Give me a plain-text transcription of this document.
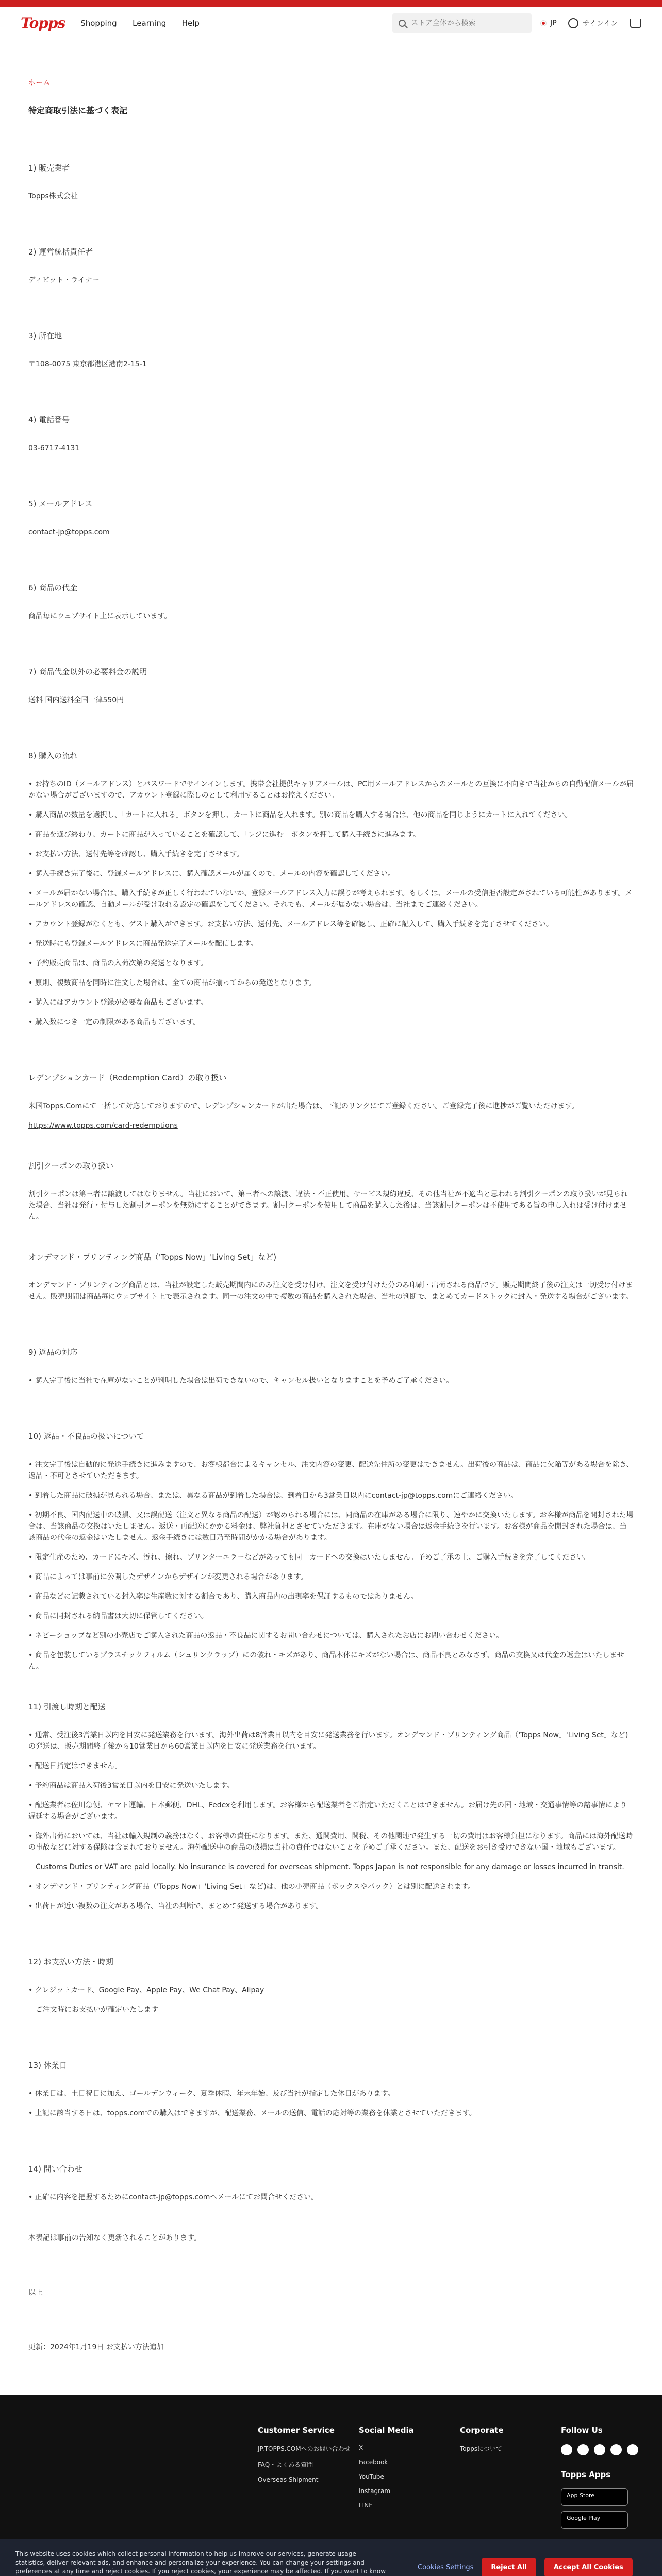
Topps Shopping Learning Help
ストア全体から検索	JP	サインイン
ホーム
特定商取引法に基づく表記
1) 販売業者

Topps株式会社

2) 運営統括責任者

ディビット・ライナー

3) 所在地

〒108-0075 東京都港区港南2-15-1

4) 電話番号

03-6717-4131

5) メールアドレス

contact-jp@topps.com

6) 商品の代金

商品毎にウェブサイト上に表示しています。

7) 商品代金以外の必要料金の説明

送料 国内送料全国一律550円

8) 購入の流れ

• お持ちのID（メールアドレス）とパスワードでサインインします。携帯会社提供キャリアメールは、PC用メールアドレスからのメールとの互換に不向きで当社からの自動配信メールが届かない場合がございますので、アカウント登録に際しのとして利用することはお控えください。

• 購入商品の数量を選択し、「カートに入れる」ボタンを押し、カートに商品を入れます。別の商品を購入する場合は、他の商品を同じようにカートに入れてください。

• 商品を選び終わり、カートに商品が入っていることを確認して、「レジに進む」ボタンを押して購入手続きに進みます。

• お支払い方法、送付先等を確認し、購入手続きを完了させます。

• 購入手続き完了後に、登録メールアドレスに、購入確認メールが届くので、メールの内容を確認してください。

• メールが届かない場合は、購入手続きが正しく行われていないか、登録メールアドレス入力に誤りが考えられます。もしくは、メールの受信拒否設定がされている可能性があります。メールアドレスの確認、自動メールが受け取れる設定の確認をしてください。それでも、メールが届かない場合は、当社までご連絡ください。

• アカウント登録がなくとも、ゲスト購入ができます。お支払い方法、送付先、メールアドレス等を確認し、正確に記入して、購入手続きを完了させてください。

• 発送時にも登録メールアドレスに商品発送完了メールを配信します。

• 予約販売商品は、商品の入荷次第の発送となります。

• 原則、複数商品を同時に注文した場合は、全ての商品が揃ってからの発送となります。

• 購入にはアカウント登録が必要な商品もございます。

• 購入数につき一定の制限がある商品もございます。

レデンプションカード（Redemption Card）の取り扱い

米国Topps.Comにて一括して対応しておりますので、レデンプションカードが出た場合は、下記のリンクにてご登録ください。ご登録完了後に進捗がご覧いただけます。

https://www.topps.com/card-redemptions

割引クーポンの取り扱い

割引クーポンは第三者に譲渡してはなりません。当社において、第三者への譲渡、違法・不正使用、サービス規約違反、その他当社が不適当と思われる割引クーポンの取り扱いが見られた場合、当社は発行・付与した割引クーポンを無効にすることができます。割引クーポンを使用して商品を購入した後は、当該割引クーポンは不使用である旨の申し入れは受け付けません。

オンデマンド・プリンティング商品（'Topps Now」'Living Set」など)

オンデマンド・プリンティング商品とは、当社が設定した販売期間内にのみ注文を受け付け、注文を受け付けた分のみ印刷・出荷される商品です。販売期間終了後の注文は一切受け付けません。販売期間は商品毎にウェブサイト上で表示されます。同一の注文の中で複数の商品を購入された場合、当社の判断で、まとめてカードストックに封入・発送する場合がございます。

9) 返品の対応

• 購入完了後に当社で在庫がないことが判明した場合は出荷できないので、キャンセル扱いとなりますことを予めご了承ください。

10) 返品・不良品の扱いについて

• 注文完了後は自動的に発送手続きに進みますので、お客様都合によるキャンセル、注文内容の変更、配送先住所の変更はできません。出荷後の商品は、商品に欠陥等がある場合を除き、返品・不可とさせていただきます。

• 到着した商品に破損が見られる場合、または、異なる商品が到着した場合は、到着日から3営業日以内にcontact-jp@topps.comにご連絡ください。

• 初期不良、国内配送中の破損、又は誤配送（注文と異なる商品の配送）が認められる場合には、同商品の在庫がある場合に限り、速やかに交換いたします。お客様が商品を開封された場合は、当該商品の交換はいたしません。返送・再配送にかかる料金は、弊社負担とさせていただきます。在庫がない場合は返金手続きを行います。お客様が商品を開封された場合は、当該商品の代金の返金はいたしません。返金手続きには数日乃至時間がかかる場合があります。

• 限定生産のため、カードにキズ、汚れ、擦れ、プリンターエラーなどがあっても同一カードへの交換はいたしません。予めご了承の上、ご購入手続きを完了してください。

• 商品によっては事前に公開したデザインからデザインが変更される場合があります。

• 商品などに記載されている封入率は生産数に対する割合であり、購入商品内の出現率を保証するものではありません。

• 商品に同封される納品書は大切に保管してください。

• ネビーショップなど別の小売店でご購入された商品の返品・不良品に関するお問い合わせについては、購入されたお店にお問い合わせください。

• 商品を包装しているプラスチックフィルム（シュリンクラップ）にの破れ・キズがあり、商品本体にキズがない場合は、商品不良とみなさず、商品の交換又は代金の返金はいたしません。

11) 引渡し時期と配送

• 通常、受注後3営業日以内を目安に発送業務を行います。海外出荷は8営業日以内を目安に発送業務を行います。オンデマンド・プリンティング商品（'Topps Now」'Living Set」など)の発送は、販売期間終了後から10営業日から60営業日以内を目安に発送業務を行います。

• 配送日指定はできません。

• 予約商品は商品入荷後3営業日以内を目安に発送いたします。

• 配送業者は佐川急便、ヤマト運輸、日本郵便、DHL、Fedexを利用します。お客様から配送業者をご指定いただくことはできません。お届け先の国・地域・交通事情等の諸事情により遅延する場合がございます。

• 海外出荷においては、当社は輸入規制の義務はなく、お客様の責任になります。また、通関費用、関税、その他関連で発生する一切の費用はお客様負担になります。商品には海外配送時の事故などに対する保険は含まれておりません。海外配送中の商品の破損は当社の責任ではないことを予めご了承ください。また、配送をお引き受けできない国・地域もございます。

　Customs Duties or VAT are paid locally. No insurance is covered for overseas shipment. Topps Japan is not responsible for any damage or losses incurred in transit.

• オンデマンド・プリンティング商品（'Topps Now」'Living Set」など)は、他の小売商品（ボックスやパック）とは別に配送されます。

• 出荷日が近い複数の注文がある場合、当社の判断で、まとめて発送する場合があります。

12) お支払い方法・時期

• クレジットカード、Google Pay、Apple Pay、We Chat Pay、Alipay

　ご注文時にお支払いが確定いたします

13) 休業日

• 休業日は、土日祝日に加え、ゴールデンウィーク、夏季休暇、年末年始、及び当社が指定した休日があります。

• 上記に該当する日は、topps.comでの購入はできますが、配送業務、メールの送信、電話の応対等の業務を休業とさせていただきます。

14) 問い合わせ

• 正確に内容を把握するためにcontact-jp@topps.comへメールにてお問合せください。

本表記は事前の告知なく更新されることがあります。

以上

更新：2024年1月19日 お支払い方法追加

Customer Service
JP.TOPPS.COMへのお問い合わせ
FAQ・よくある質問
Overseas Shipment
Social Media
X
Facebook
YouTube
Instagram
LINE
Corporate
Toppsについて
Follow Us
Topps Apps
App Store
Google Play

This website uses cookies which collect personal information to help us improve our services, generate usage statistics, deliver relevant ads, and enhance and personalize your experience. You can change your settings and preferences at any time and reject cookies. If you reject cookies, your experience may be affected. If you want to know

Cookies Settings	Reject All	Accept All Cookies
